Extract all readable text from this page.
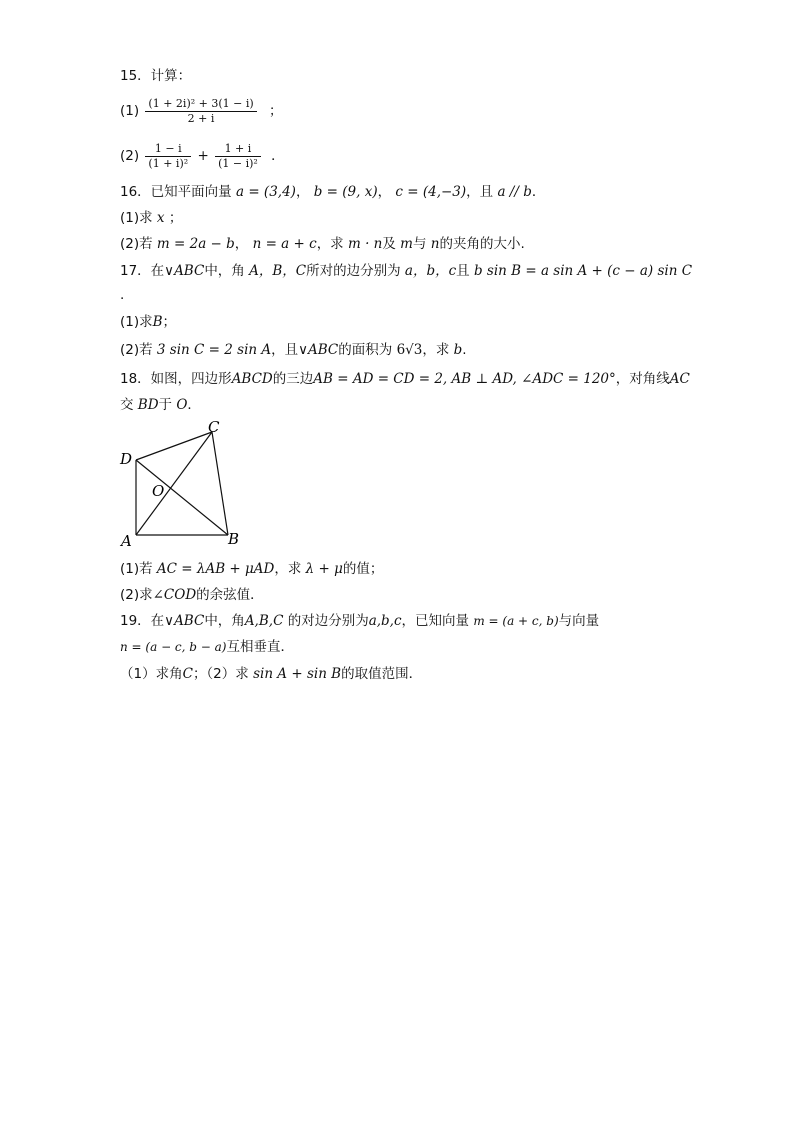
15．计算：
$(1) \frac{\text{(1 + 2i)² + 3(1 − i)}}{2 + i}$ ；
$(2) \frac{1 - i}{\text{(1 + i)²}} + \frac{1 + i}{\text{(1 − i)²}}$ ．
16．已知平面向量 a = (3,4)， b = (9, x)， c = (4,−3)，且 a // b．
(1)求 x ；
(2)若 m = 2a − b， n = a + c，求 m · n及 m与 n的夹角的大小.
17．在∨ABC中，角 A，B，C所对的边分别为 a，b，c且 b sin B = a sin A + (c − a) sin C
.
(1)求B；
(2)若 3 sin C = 2 sin A，且∨ABC的面积为 6√3，求 b.
18．如图，四边形ABCD的三边AB = AD = CD = 2, AB ⊥ AD, ∠ADC = 120°，对角线AC
交 BD于 O．
C
D
O
A	B
(1)若 AC = λAB + μAD，求 λ + μ的值；
(2)求∠COD的余弦值．
19．在∨ABC中，角A,B,C 的对边分别为a,b,c，已知向量 m = (a + c, b)与向量
n = (a − c, b − a)互相垂直．
（1）求角C；（2）求 sin A + sin B的取值范围．
